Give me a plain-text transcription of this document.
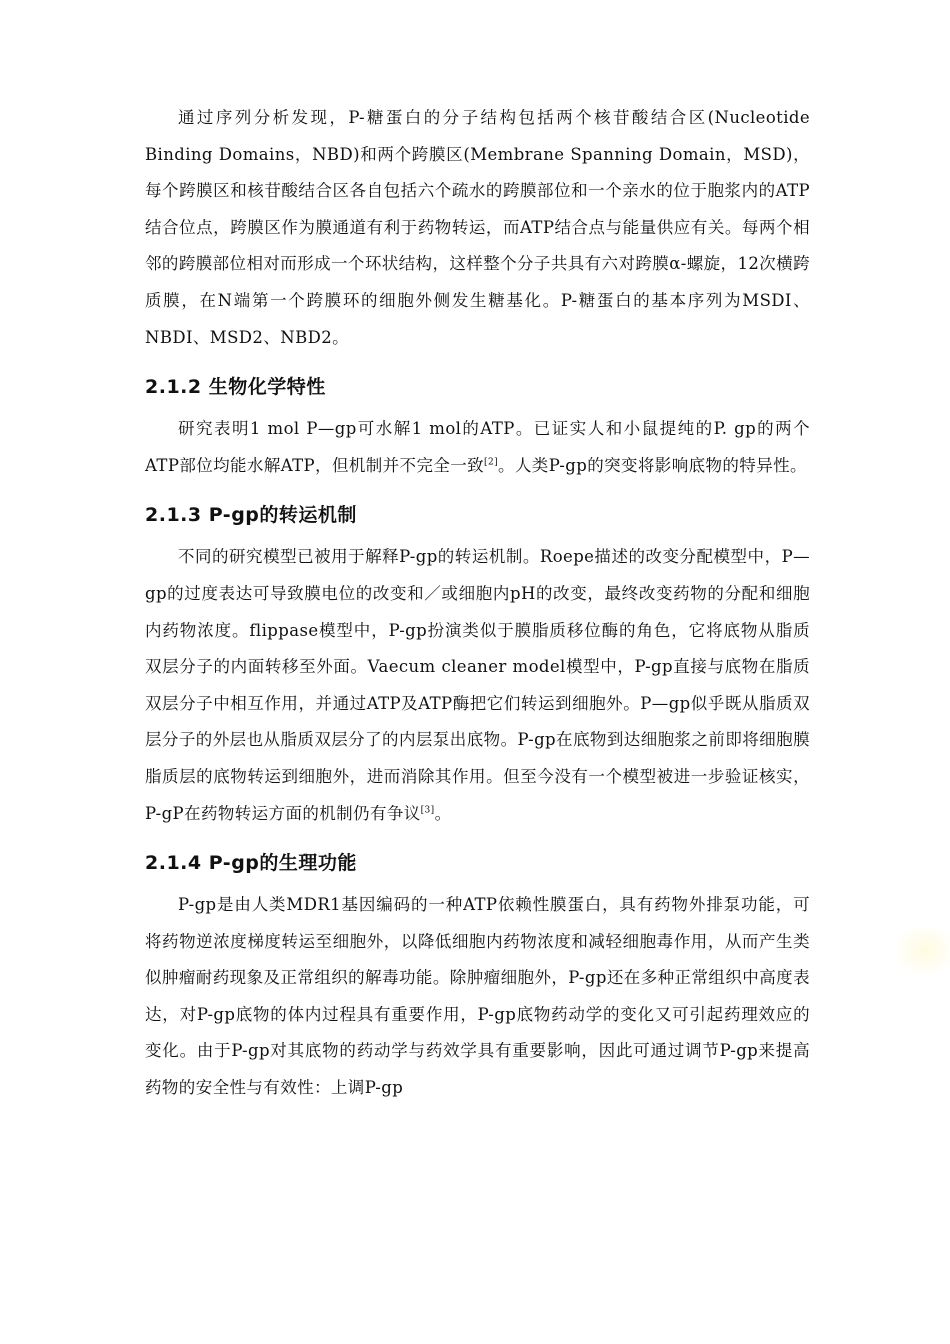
通过序列分析发现，P-糖蛋白的分子结构包括两个核苷酸结合区(Nucleotide Binding Domains，NBD)和两个跨膜区(Membrane Spanning Domain，MSD)，每个跨膜区和核苷酸结合区各自包括六个疏水的跨膜部位和一个亲水的位于胞浆内的ATP结合位点，跨膜区作为膜通道有利于药物转运，而ATP结合点与能量供应有关。每两个相邻的跨膜部位相对而形成一个环状结构，这样整个分子共具有六对跨膜α-螺旋，12次横跨质膜，在N端第一个跨膜环的细胞外侧发生糖基化。P-糖蛋白的基本序列为MSDI、NBDI、MSD2、NBD2。

2.1.2 生物化学特性

研究表明1 mol P—gp可水解1 mol的ATP。已证实人和小鼠提纯的P. gp的两个ATP部位均能水解ATP，但机制并不完全一致[2]。人类P-gp的突变将影响底物的特异性。

2.1.3 P-gp的转运机制

不同的研究模型已被用于解释P-gp的转运机制。Roepe描述的改变分配模型中，P—gp的过度表达可导致膜电位的改变和／或细胞内pH的改变，最终改变药物的分配和细胞内药物浓度。flippase模型中，P-gp扮演类似于膜脂质移位酶的角色，它将底物从脂质双层分子的内面转移至外面。Vaecum cleaner model模型中，P-gp直接与底物在脂质双层分子中相互作用，并通过ATP及ATP酶把它们转运到细胞外。P—gp似乎既从脂质双层分子的外层也从脂质双层分了的内层泵出底物。P-gp在底物到达细胞浆之前即将细胞膜脂质层的底物转运到细胞外，进而消除其作用。但至今没有一个模型被进一步验证核实，P-gP在药物转运方面的机制仍有争议[3]。

2.1.4 P-gp的生理功能

P-gp是由人类MDR1基因编码的一种ATP依赖性膜蛋白，具有药物外排泵功能，可将药物逆浓度梯度转运至细胞外，以降低细胞内药物浓度和减轻细胞毒作用，从而产生类似肿瘤耐药现象及正常组织的解毒功能。除肿瘤细胞外，P-gp还在多种正常组织中高度表达，对P-gp底物的体内过程具有重要作用，P-gp底物药动学的变化又可引起药理效应的变化。由于P-gp对其底物的药动学与药效学具有重要影响，因此可通过调节P-gp来提高药物的安全性与有效性：上调P-gp
